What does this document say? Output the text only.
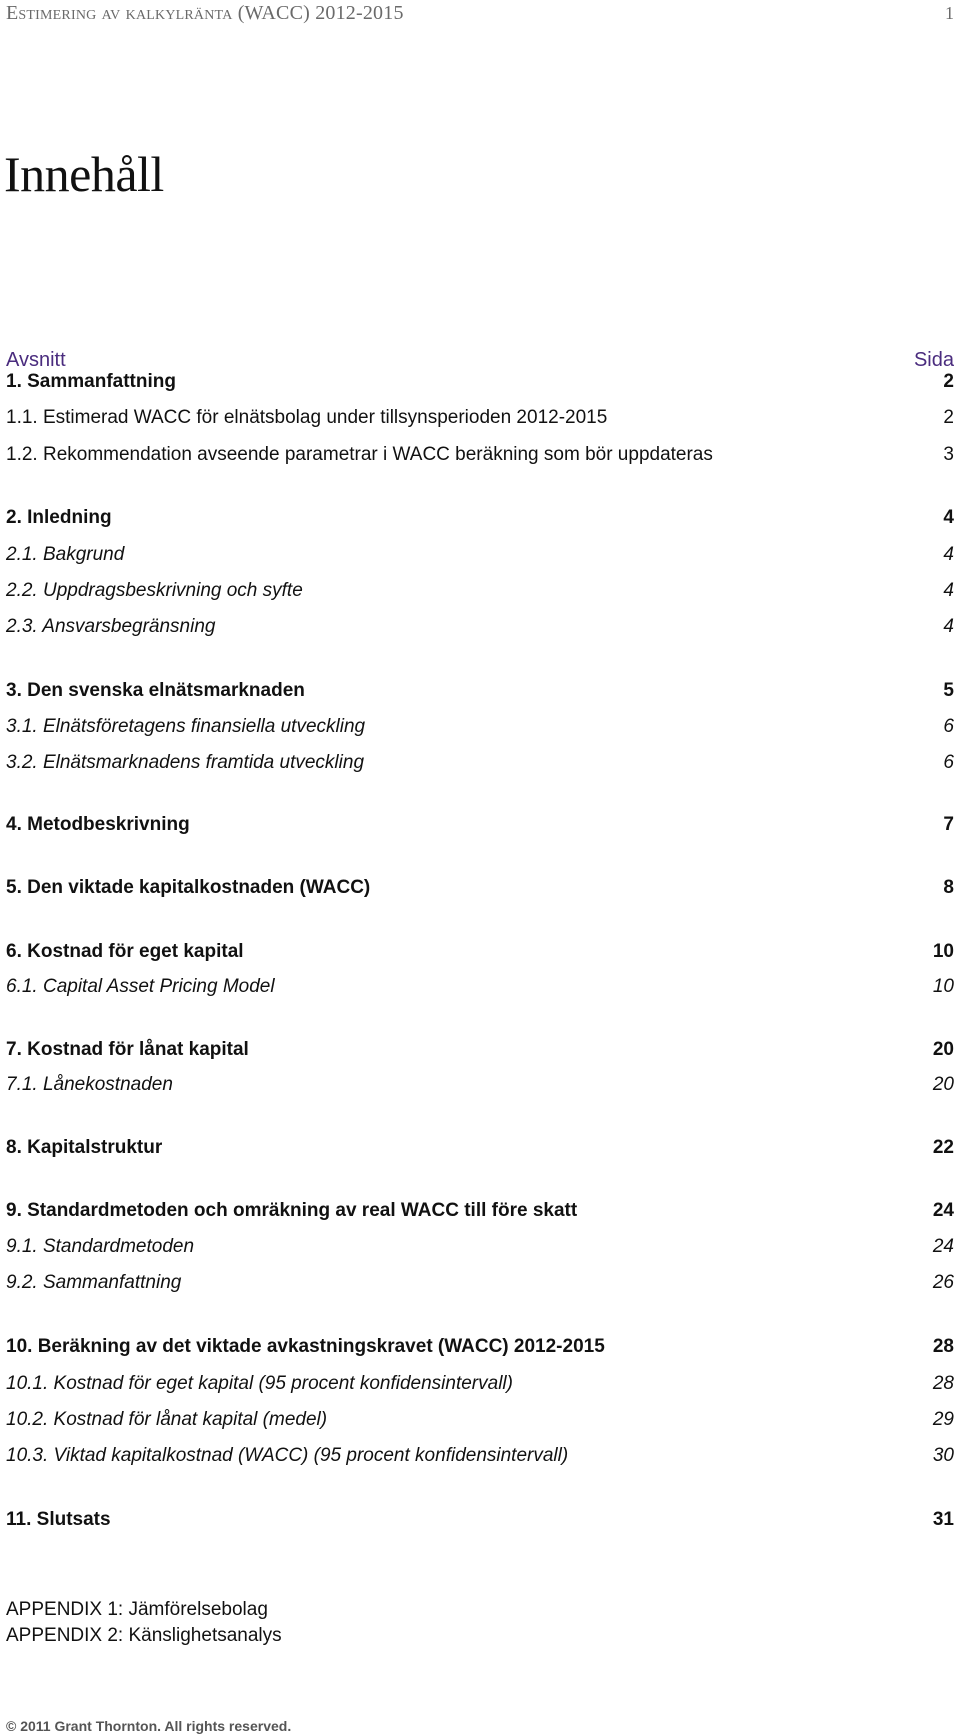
Estimering av kalkylränta (WACC) 2012-2015	1
Innehåll
Avsnitt	Sida
1. Sammanfattning	2
1.1. Estimerad WACC för elnätsbolag under tillsynsperioden 2012-2015	2
1.2. Rekommendation avseende parametrar i WACC beräkning som bör uppdateras	3
2. Inledning	4
2.1. Bakgrund	4
2.2. Uppdragsbeskrivning och syfte	4
2.3. Ansvarsbegränsning	4
3. Den svenska elnätsmarknaden	5
3.1. Elnätsföretagens finansiella utveckling	6
3.2. Elnätsmarknadens framtida utveckling	6
4. Metodbeskrivning	7
5. Den viktade kapitalkostnaden (WACC)	8
6. Kostnad för eget kapital	10
6.1. Capital Asset Pricing Model	10
7. Kostnad för lånat kapital	20
7.1. Lånekostnaden	20
8. Kapitalstruktur	22
9. Standardmetoden och omräkning av real WACC till före skatt	24
9.1. Standardmetoden	24
9.2. Sammanfattning	26
10. Beräkning av det viktade avkastningskravet (WACC) 2012-2015	28
10.1. Kostnad för eget kapital (95 procent konfidensintervall)	28
10.2. Kostnad för lånat kapital (medel)	29
10.3. Viktad kapitalkostnad (WACC) (95 procent konfidensintervall)	30
11. Slutsats	31
APPENDIX 1: Jämförelsebolag
APPENDIX 2: Känslighetsanalys
© 2011 Grant Thornton. All rights reserved.
